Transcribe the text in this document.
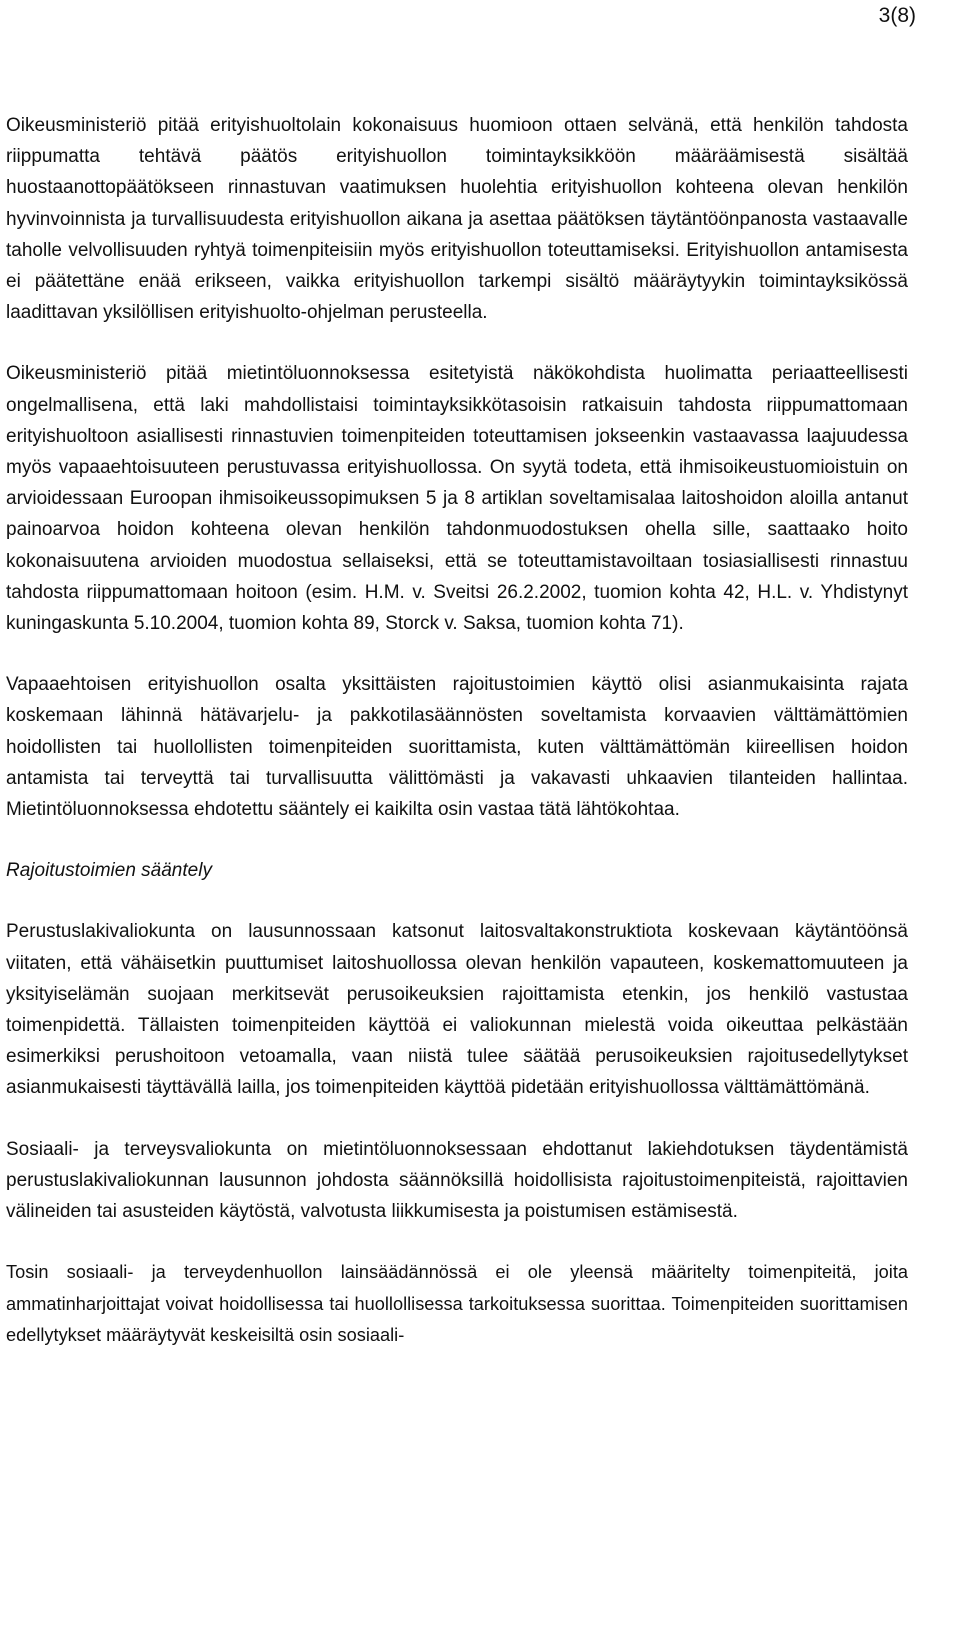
3(8)

Oikeusministeriö pitää erityishuoltolain kokonaisuus huomioon ottaen selvänä, että henkilön tahdosta riippumatta tehtävä päätös erityishuollon toimintayksikköön määräämisestä sisältää huostaanottopäätökseen rinnastuvan vaatimuksen huolehtia erityishuollon kohteena olevan henkilön hyvinvoinnista ja turvallisuudesta erityishuollon aikana ja asettaa päätöksen täytäntöönpanosta vastaavalle taholle velvollisuuden ryhtyä toimenpiteisiin myös erityishuollon toteuttamiseksi. Erityishuollon antamisesta ei päätettäne enää erikseen, vaikka erityishuollon tarkempi sisältö määräytyykin toimintayksikössä laadittavan yksilöllisen erityishuolto-ohjelman perusteella.

Oikeusministeriö pitää mietintöluonnoksessa esitetyistä näkökohdista huolimatta periaatteellisesti ongelmallisena, että laki mahdollistaisi toimintayksikkötasoisin ratkaisuin tahdosta riippumattomaan erityishuoltoon asiallisesti rinnastuvien toimenpiteiden toteuttamisen jokseenkin vastaavassa laajuudessa myös vapaaehtoisuuteen perustuvassa erityishuollossa. On syytä todeta, että ihmisoikeustuomioistuin on arvioidessaan Euroopan ihmisoikeussopimuksen 5 ja 8 artiklan soveltamisalaa laitoshoidon aloilla antanut painoarvoa hoidon kohteena olevan henkilön tahdonmuodostuksen ohella sille, saattaako hoito kokonaisuutena arvioiden muodostua sellaiseksi, että se toteuttamistavoiltaan tosiasiallisesti rinnastuu tahdosta riippumattomaan hoitoon (esim. H.M. v. Sveitsi 26.2.2002, tuomion kohta 42, H.L. v. Yhdistynyt kuningaskunta 5.10.2004, tuomion kohta 89, Storck v. Saksa, tuomion kohta 71).

Vapaaehtoisen erityishuollon osalta yksittäisten rajoitustoimien käyttö olisi asianmukaisinta rajata koskemaan lähinnä hätävarjelu- ja pakkotilasäännösten soveltamista korvaavien välttämättömien hoidollisten tai huollollisten toimenpiteiden suorittamista, kuten välttämättömän kiireellisen hoidon antamista tai terveyttä tai turvallisuutta välittömästi ja vakavasti uhkaavien tilanteiden hallintaa. Mietintöluonnoksessa ehdotettu sääntely ei kaikilta osin vastaa tätä lähtökohtaa.

Rajoitustoimien sääntely

Perustuslakivaliokunta on lausunnossaan katsonut laitosvaltakonstruktiota koskevaan käytäntöönsä viitaten, että vähäisetkin puuttumiset laitoshuollossa olevan henkilön vapauteen, koskemattomuuteen ja yksityiselämän suojaan merkitsevät perusoikeuksien rajoittamista etenkin, jos henkilö vastustaa toimenpidettä. Tällaisten toimenpiteiden käyttöä ei valiokunnan mielestä voida oikeuttaa pelkästään esimerkiksi perushoitoon vetoamalla, vaan niistä tulee säätää perusoikeuksien rajoitusedellytykset asianmukaisesti täyttävällä lailla, jos toimenpiteiden käyttöä pidetään erityishuollossa välttämättömänä.

Sosiaali- ja terveysvaliokunta on mietintöluonnoksessaan ehdottanut lakiehdotuksen täydentämistä perustuslakivaliokunnan lausunnon johdosta säännöksillä hoidollisista rajoitustoimenpiteistä, rajoittavien välineiden tai asusteiden käytöstä, valvotusta liikkumisesta ja poistumisen estämisestä.

Tosin sosiaali- ja terveydenhuollon lainsäädännössä ei ole yleensä määritelty toimenpiteitä, joita ammatinharjoittajat voivat hoidollisessa tai huollollisessa tarkoituksessa suorittaa. Toimenpiteiden suorittamisen edellytykset määräytyvät keskeisiltä osin sosiaali-
